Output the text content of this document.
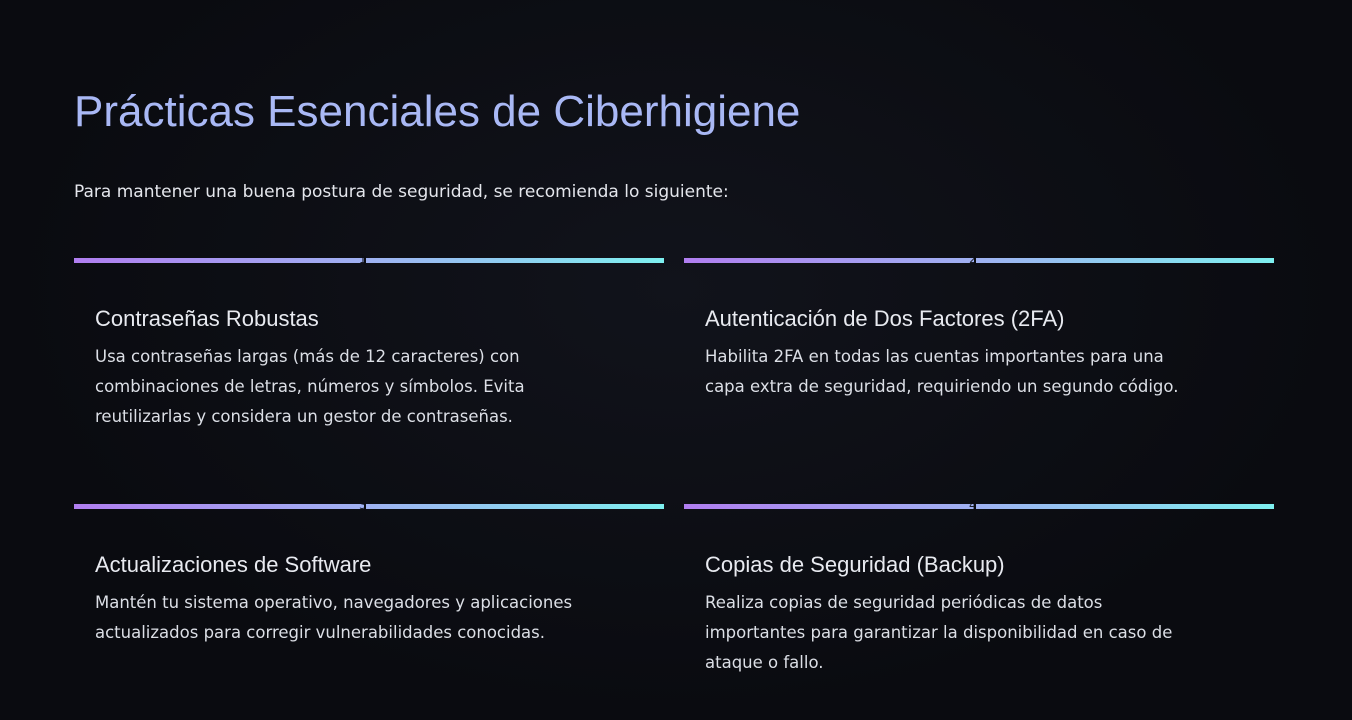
Prácticas Esenciales de Ciberhigiene

Para mantener una buena postura de seguridad, se recomienda lo siguiente:

1
Contraseñas Robustas

Usa contraseñas largas (más de 12 caracteres) con combinaciones de letras, números y símbolos. Evita reutilizarlas y considera un gestor de contraseñas.

2
Autenticación de Dos Factores (2FA)

Habilita 2FA en todas las cuentas importantes para una capa extra de seguridad, requiriendo un segundo código.

3
Actualizaciones de Software

Mantén tu sistema operativo, navegadores y aplicaciones actualizados para corregir vulnerabilidades conocidas.

4
Copias de Seguridad (Backup)

Realiza copias de seguridad periódicas de datos importantes para garantizar la disponibilidad en caso de ataque o fallo.
